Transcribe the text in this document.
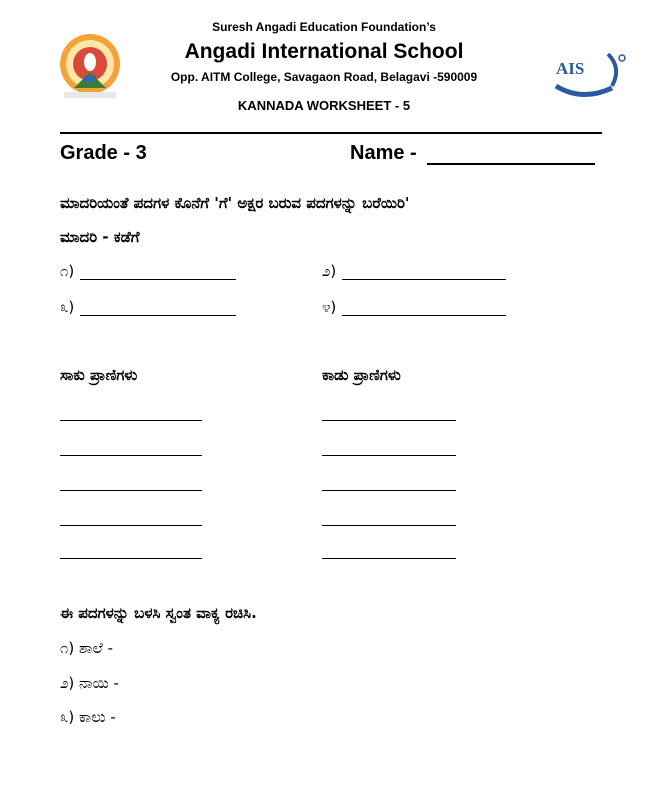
AIS
Suresh Angadi Education Foundation’s
Angadi International School
Opp. AITM College, Savagaon Road, Belagavi -590009
KANNADA WORKSHEET - 5
Grade - 3	Name -
ಮಾದರಿಯಂತೆ ಪದಗಳ ಕೊನೆಗೆ 'ಗೆ' ಅಕ್ಷರ ಬರುವ ಪದಗಳನ್ನು ಬರೆಯಿರಿ'
ಮಾದರಿ - ಕಡೆಗೆ
೧)	೨)
೩)	೪)
ಸಾಕು ಪ್ರಾಣಿಗಳು	ಕಾಡು ಪ್ರಾಣಿಗಳು
ಈ ಪದಗಳನ್ನು ಬಳಸಿ ಸ್ವಂತ ವಾಕ್ಯ ರಚಿಸಿ.
೧) ಶಾಲೆ -
೨) ನಾಯಿ -
೩) ಕಾಲು -
